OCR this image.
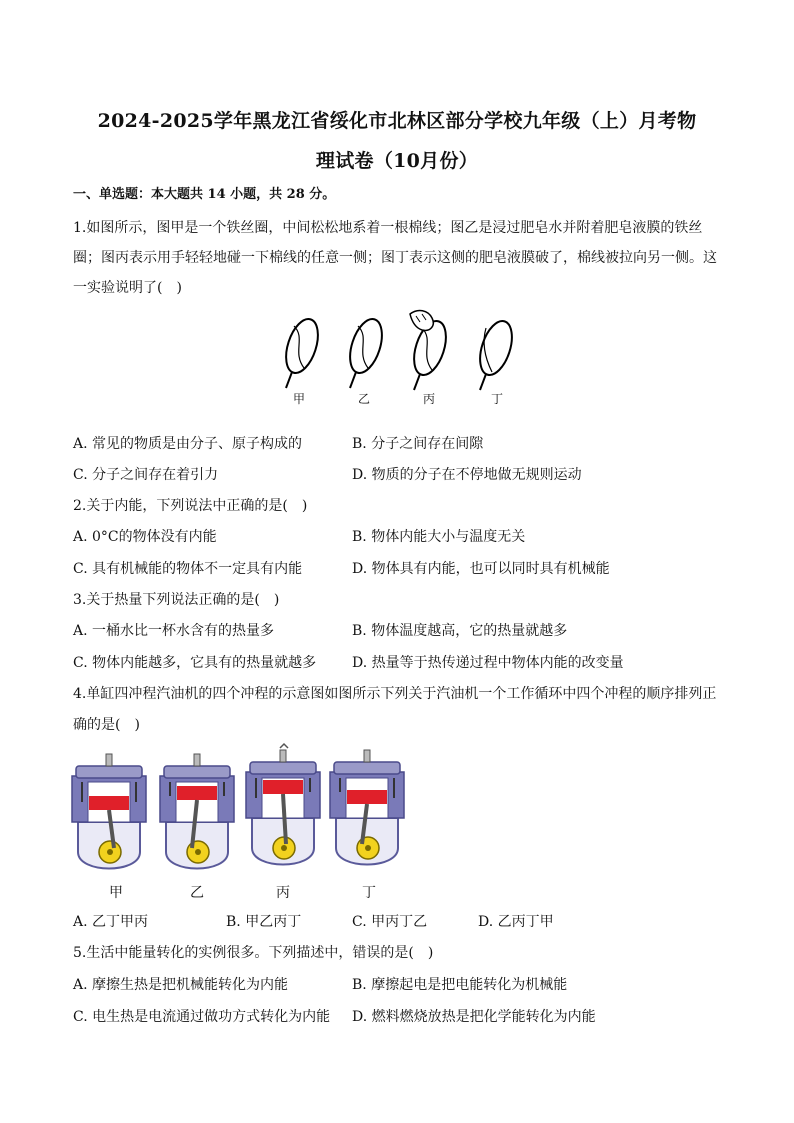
2024-2025学年黑龙江省绥化市北林区部分学校九年级（上）月考物
理试卷（10月份）
一、单选题：本大题共 14 小题，共 28 分。
1.如图所示，图甲是一个铁丝圈，中间松松地系着一根棉线；图乙是浸过肥皂水并附着肥皂液膜的铁丝
圈；图丙表示用手轻轻地碰一下棉线的任意一侧；图丁表示这侧的肥皂液膜破了，棉线被拉向另一侧。这
一实验说明了(　)
甲	乙	丙	丁
A. 常见的物质是由分子、原子构成的	B. 分子之间存在间隙
C. 分子之间存在着引力	D. 物质的分子在不停地做无规则运动
2.关于内能，下列说法中正确的是(　)
A. 0°C的物体没有内能	B. 物体内能大小与温度无关
C. 具有机械能的物体不一定具有内能	D. 物体具有内能，也可以同时具有机械能
3.关于热量下列说法正确的是(　)
A. 一桶水比一杯水含有的热量多	B. 物体温度越高，它的热量就越多
C. 物体内能越多，它具有的热量就越多	D. 热量等于热传递过程中物体内能的改变量
4.单缸四冲程汽油机的四个冲程的示意图如图所示下列关于汽油机一个工作循环中四个冲程的顺序排列正
确的是(　)
甲	乙	丙	丁
A. 乙丁甲丙	B. 甲乙丙丁	C. 甲丙丁乙	D. 乙丙丁甲
5.生活中能量转化的实例很多。下列描述中，错误的是(　)
A. 摩擦生热是把机械能转化为内能	B. 摩擦起电是把电能转化为机械能
C. 电生热是电流通过做功方式转化为内能 D. 燃料燃烧放热是把化学能转化为内能
